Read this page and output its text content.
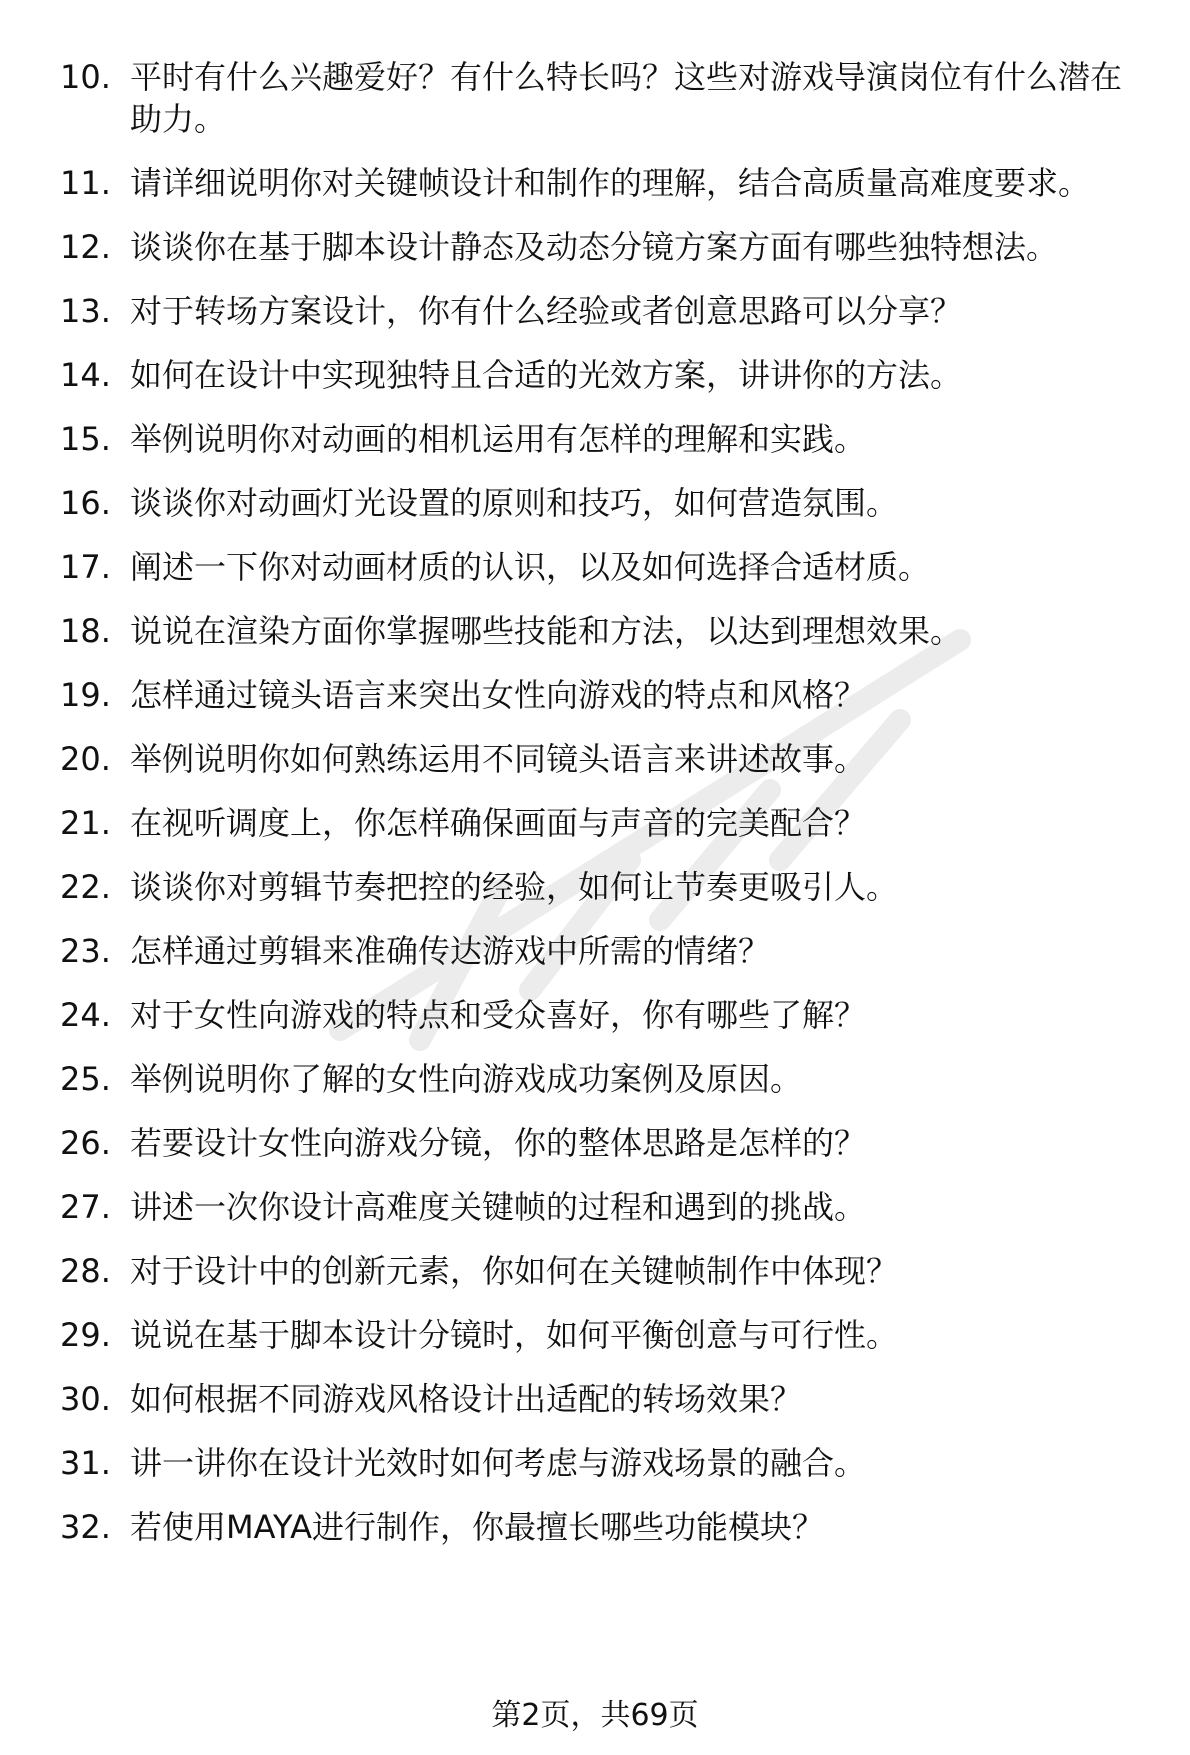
10. 平时有什么兴趣爱好？有什么特长吗？这些对游戏导演岗位有什么潜在助力。
11. 请详细说明你对关键帧设计和制作的理解，结合高质量高难度要求。
12. 谈谈你在基于脚本设计静态及动态分镜方案方面有哪些独特想法。
13. 对于转场方案设计，你有什么经验或者创意思路可以分享？
14. 如何在设计中实现独特且合适的光效方案，讲讲你的方法。
15. 举例说明你对动画的相机运用有怎样的理解和实践。
16. 谈谈你对动画灯光设置的原则和技巧，如何营造氛围。
17. 阐述一下你对动画材质的认识，以及如何选择合适材质。
18. 说说在渲染方面你掌握哪些技能和方法，以达到理想效果。
19. 怎样通过镜头语言来突出女性向游戏的特点和风格？
20. 举例说明你如何熟练运用不同镜头语言来讲述故事。
21. 在视听调度上，你怎样确保画面与声音的完美配合？
22. 谈谈你对剪辑节奏把控的经验，如何让节奏更吸引人。
23. 怎样通过剪辑来准确传达游戏中所需的情绪？
24. 对于女性向游戏的特点和受众喜好，你有哪些了解？
25. 举例说明你了解的女性向游戏成功案例及原因。
26. 若要设计女性向游戏分镜，你的整体思路是怎样的？
27. 讲述一次你设计高难度关键帧的过程和遇到的挑战。
28. 对于设计中的创新元素，你如何在关键帧制作中体现？
29. 说说在基于脚本设计分镜时，如何平衡创意与可行性。
30. 如何根据不同游戏风格设计出适配的转场效果？
31. 讲一讲你在设计光效时如何考虑与游戏场景的融合。
32. 若使用MAYA进行制作，你最擅长哪些功能模块？
第2页，共69页
